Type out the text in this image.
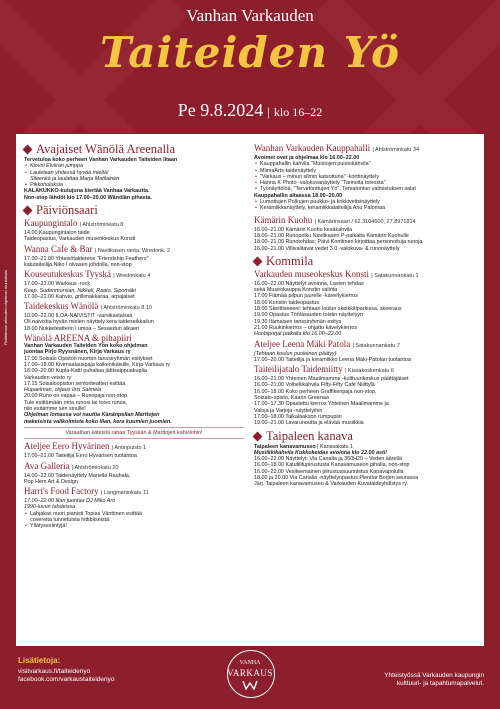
Vanhan Varkauden
Taiteiden Yö
Pe 9.8.2024 | klo 16–22
Pidätämme oikeuden ohjelman muutoksiin
Avajaiset Wänölä Areenalla
Tervetuloa koko perheen Vanhan Varkauden Taiteiden iltaan
• Kiovni Elviiran jumppa
• Lauletaan yhdessä hyvää mieltä!
Sileenkä ja laulattaa Marja Matilainen
• Pikkoholuksia
KALAKUKKO-kutujuna kiertää Vanhaa Varkautta.
Non-stop lähdöt klo 17.00–20.00 Wänölän pihasta.
Päiviönsaari
Kaupungintalo | Ahlströminkatu 8
14.00 Kaupungintalon taide
Taideopastus, Varkauden museokeskus Konsti
Wanna Cafe & Bar | Navitkasen ranta, Wredonk. 2
17.00–21.00 Yhteisötaideteos "Friendship Feathers"
katutaiteilija Niko I olvasen johdolla, non-stop
Kouseutukeskus Tyyskä | Wredonkatu 4
17.00–21.00 Warkaus -rock
Keep, Sudenmorsian, Nikkeli, Raato, Sipomäki
17.00–21.00 Kahvio, grillimakkaraa, arpajaiset
Taidekeskus Wänölä | Ahlströminkatu 8 10
10.00–22.00 ILOA-NAIVISTIT -varsikastalssa
Oli naivistia hyvän mielen näyttely kera taideseikkailun
18.00 Nukketeatterin l umoa – Sesaedun alkaen
Wänölä AREENA & pihapiiri
Vanhan Varkauden Taiteiden Yön koko ohjelman
juontaa Pirjo Ryysnänen, Kirja Varkaus ry
17.00 Soisalo Opiston nuorten tanssiryhmän esitykset
17.00–18.00 Kivimaalauspaja kaikenikäisille, Kirja-Varkaus ry
18.00–20.00 Kupla-Kattl puhaltaa jättisaippuakuplia
Varkauden veisto ry
17.15 Soisaloopiston senioriteatteri esittää
Hupaelman, ohjaus Iiris Salmela
20.00 Runo on vapaa – Runopaja non-stop
Tule esittämään oma runosi tai toivo runoa,
niin esitämme sen sinulle!
Ohjelman lomassa voi nauttia Känänpellan Marttojen
makeisista valikoimista koko illan, kera kuumien juomien.
Varaathan käteistä rahaa Tyyskän & Marttojen kahvilohin!
Ateljee Eero Hyvärinen | Antinpuisto 1
17.00–21.00 Taiteilija Eero Hyvärisen tuotantoa
Ava Galleria | Ahlströminkatu 20
14.00–22.00 Taidenäyttely Mariella Rauhala,
Pop Hem Art & Design
Harri's Food Factory | Längmaninkatu 11
17.00–22.00 Illan juontaa DJ Miko Aro
1990-luvun tahdeissa
• Lahjakas nuori pianisti Topias Vänttinen esittää
covereita tunnetuista hittibiiseistä
• Yllätysesiintyjä!
Wanhan Varkauden Kauppahalli | Ahlströminkatu 34
Avoimet ovet ja ohjelmaa klo 16.00–22.00
• Kauppahallin kahvila "Muistojen puistokahvila"
• MiimaArts-taidenäyttely
• "Varkaus – minun silmin katsottuna" -korttinäyttely
• Hanna K Photo -valokuvanäyttely "Tarinoita toivosta"
• Työnäyttölöä, "Tervetonttujen Yö", Tervatontun valmistuksen salat
Kauppahallin altaassa 18.00–20.00
• Lumottujen Polkujen puukko- ja kokkiveitsinäyttely
• Keramiikkanäyttely, keramiikkataiteilija Anu Palomaa
Kämärin Kuohu | Kämärinsaari / 62.3104600, 27.8971814
16.00–21.00 Kämärin Kuohu kesäkahvila
18.00–21.00 Runopolku Navitkasen P-paikalta Kämärin Kuohulle
18.00–21.00 Runotohdas; Päivi Konttinen kirjoittaa personoituja runoja
16.00–21.00 Villivalitavat vedet 3.0 -valokuva- & runonäyttely
Kommila
Varkauden museokeskus Konsti | Satakunnankatu 1
16.00–22.00 Näyttelyt avoinna, Lasten tehdas
sekä Museokauppa Konstin valinta
17.00 Fiämää pilpun juurelle -käveltykierros
18.00 Konstin taideopastus
18.00 Skeittiseeeni: tehtaan loulun skeikkitiparkissa, skeeraus
19.00 Opastus Tööläsauden toistin näyttelyyn
19.30 Itämaisen tanssiryhmän esitys
21.00 Ruukinkierros – ohjattu kävelykierros
Hoobiporjat paikalla klo 16.00–22.00
Ateljee Leena Mäki Patola | Satakunnankatu 7
(Tehtaan koulun puoleinen päätyy)
17.00–20.00 Taiteilija ja keramiikko Leena Mäki-Patolan tuotantoa
Taiteilijatalo Taidemiitty | Kissakoskenkatu 6
16.00–21.00 Yhteinen Maailmamme -kulttuurikeskus päättäjäiset
16.00–21.00 Volheliikahvila Fifty-Fifty Café Niiittylä
16.00–18.00 Koko perheen Graffikenpaja non-stop,
Soisalo-opisto, Kaarin Greenaa
17.00–17.30 Opastettu kierros Yhteinen Maailmamme ja
Valoja ja Varjoja -näyttelyihin
17.00–18.00 Taikalaakson rumpupiiri
19.00–21.00 Lavarunoutta ja elävää musiikkia
Taipaleen kanava
Taipaleen kanavamuseo | Kanavakatu 1
Musiikkikahvila Kukkokeidas avoinna klo 22.00 asti!
16.00–22.00 Näyttelyt: Via Canalia ja 360H20 – Veden äärellä
16.00–18.00 Katutilitupirustusta Kanavamuseon pihalla, non-stop
16.00–22.00 Vesiteemainen piirustussuunnistus Kanavapolulla
18.00 ja 20.00 Via Canalia -näyttelyopastus Pienitar Borjen seurassa
Järj. Taipaleen kanavamuseo & Varkauden Kuvataideyhdistys ry.
Lisätietoja:
visitvarkaus.fi/taiteidenyo
facebook.com/varkaustaiteidenyo
VANHA
VARKAUS	Yhteistyössä Varkauden kaupungin
kulttuuri- ja tapahtumapalvelut.
